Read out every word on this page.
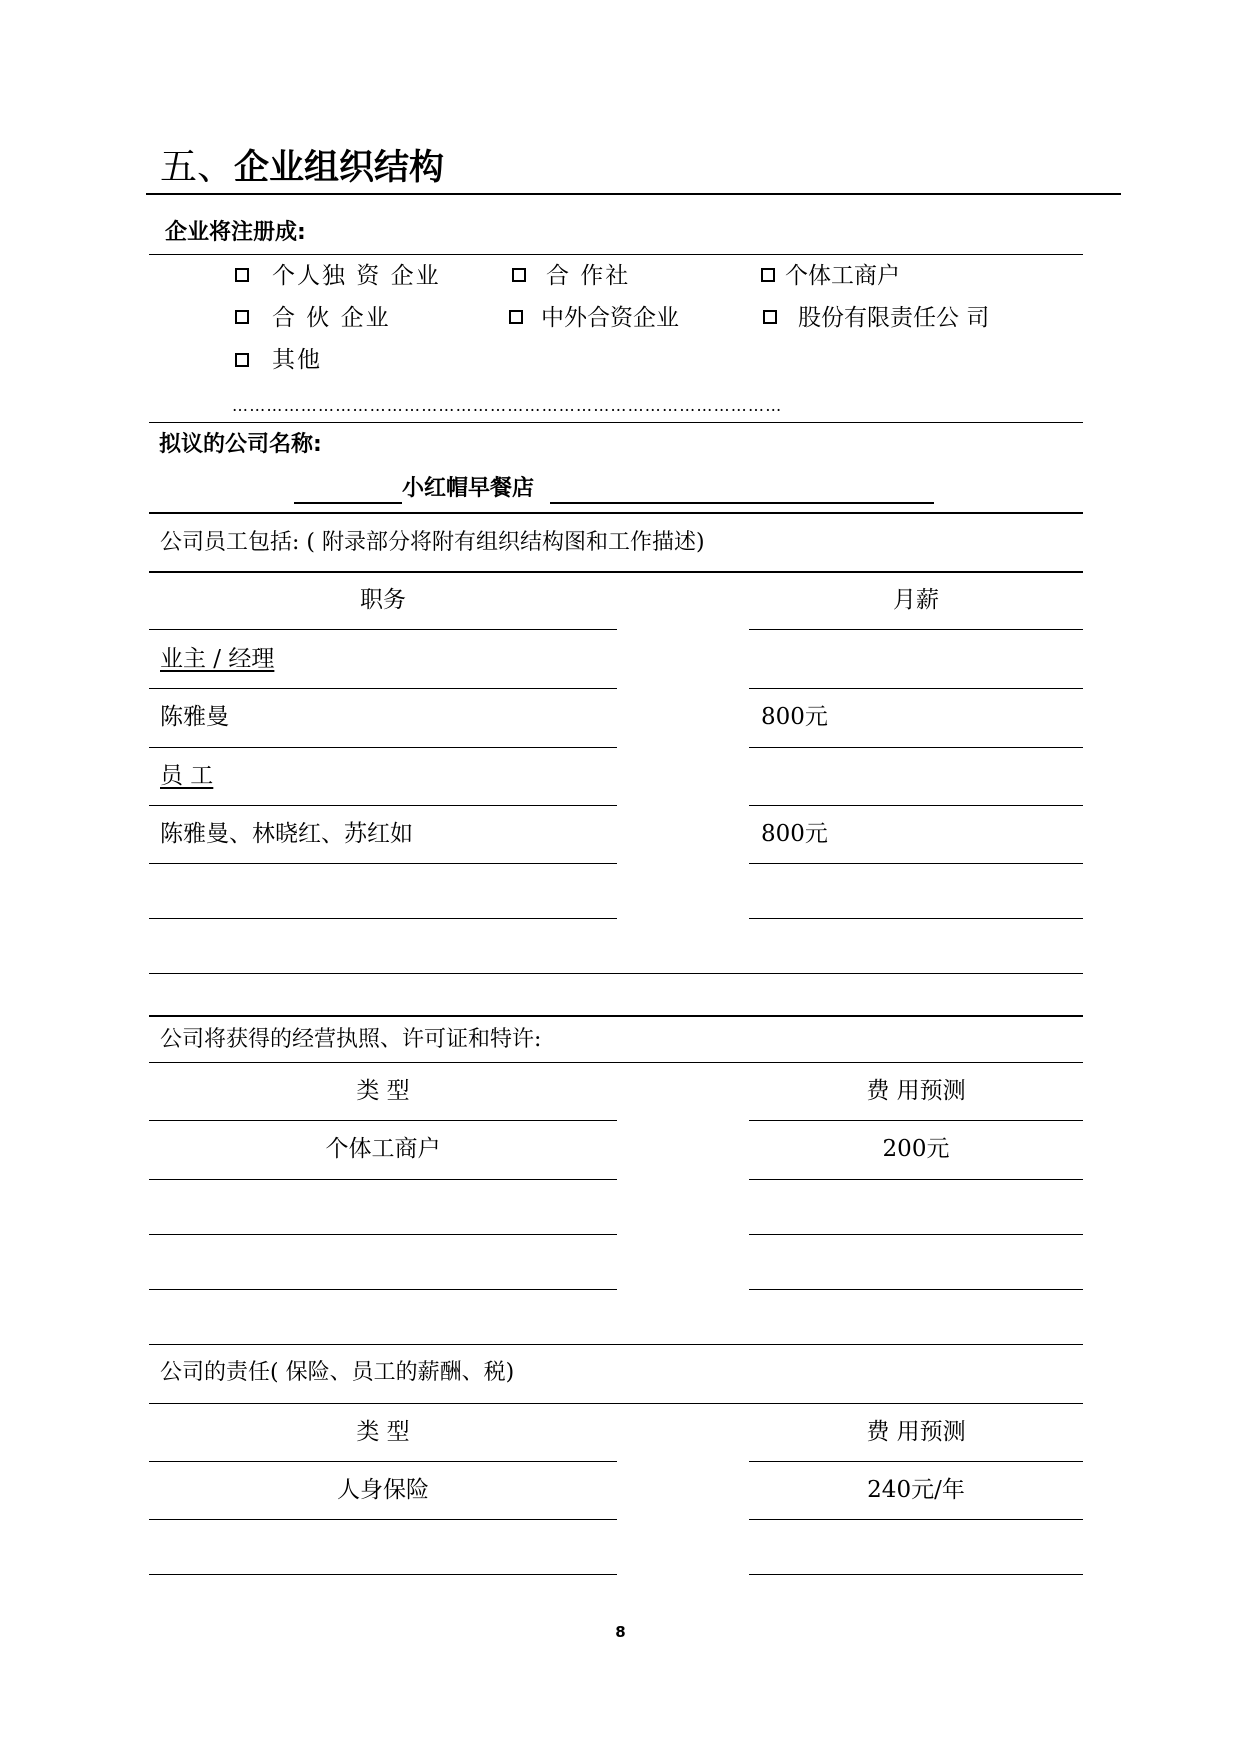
五、企业组织结构
企业将注册成:
个人独 资 企业	合 作社	个体工商户
合 伙 企业	中外合资企业	股份有限责任公 司
其他
……………………………………………………………………………………
拟议的公司名称:
小红帽早餐店
公司员工包括: ( 附录部分将附有组织结构图和工作描述)
职务	月薪
业主 / 经理
陈雅曼	800元
员 工
陈雅曼、林晓红、苏红如	800元
公司将获得的经营执照、许可证和特许:
类 型	费 用预测
个体工商户	200元
公司的责任( 保险、员工的薪酬、税)
类 型	费 用预测
人身保险	240元/年
8
